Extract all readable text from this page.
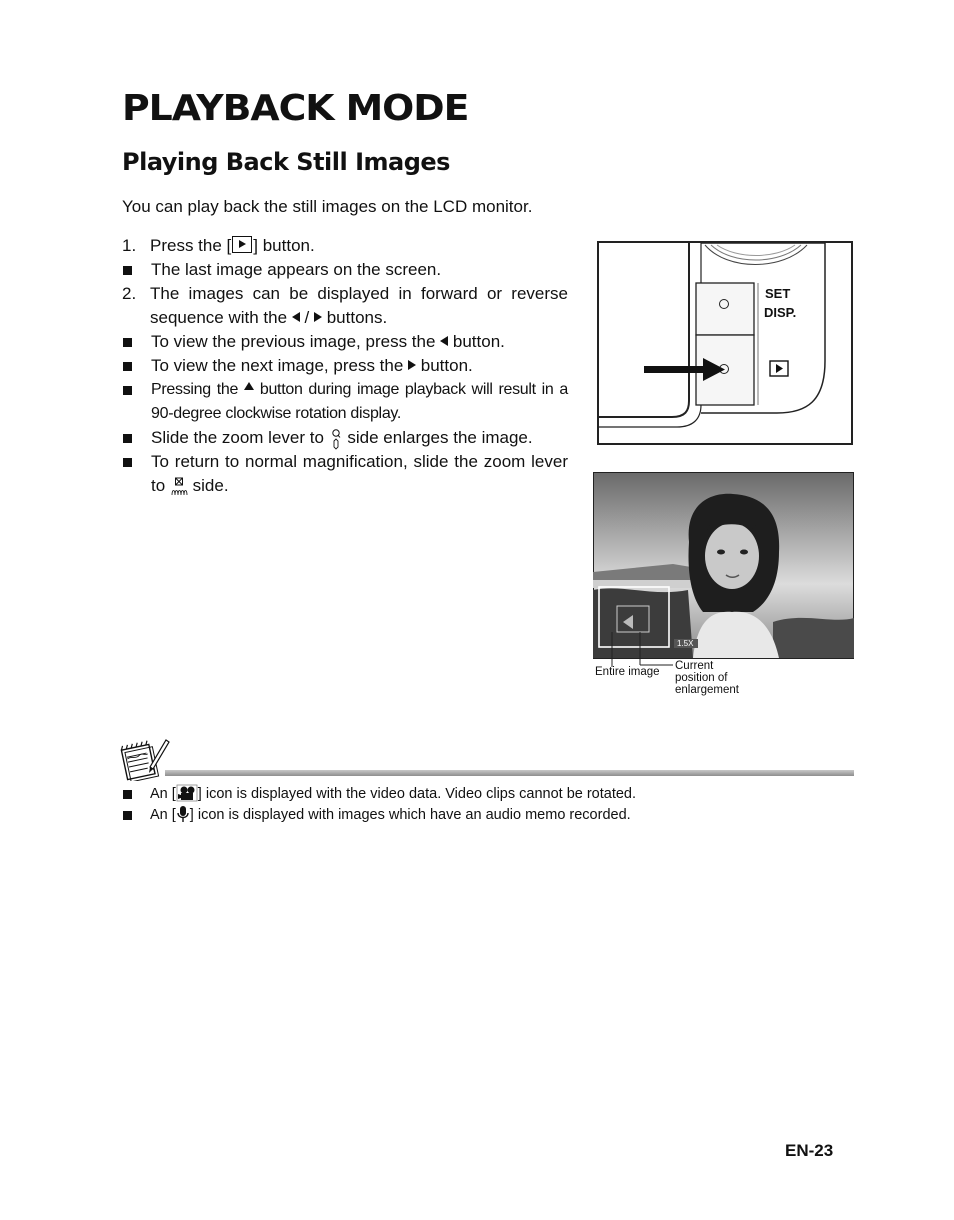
PLAYBACK MODE
Playing Back Still Images
You can play back the still images on the LCD monitor.
1. Press the [ ] button.
The last image appears on the screen.
2. The images can be displayed in forward or reverse sequence with the / buttons.
To view the previous image, press the button.
To view the next image, press the button.
Pressing the button during image playback will result in a 90-degree clockwise rotation display.
Slide the zoom lever to side enlarges the image.
To return to normal magnification, slide the zoom lever to side.
SET
DISP.
1.5X
Entire image Current
position of
enlargement
An [ ] icon is displayed with the video data. Video clips cannot be rotated.
An [ ] icon is displayed with images which have an audio memo recorded.
EN-23
